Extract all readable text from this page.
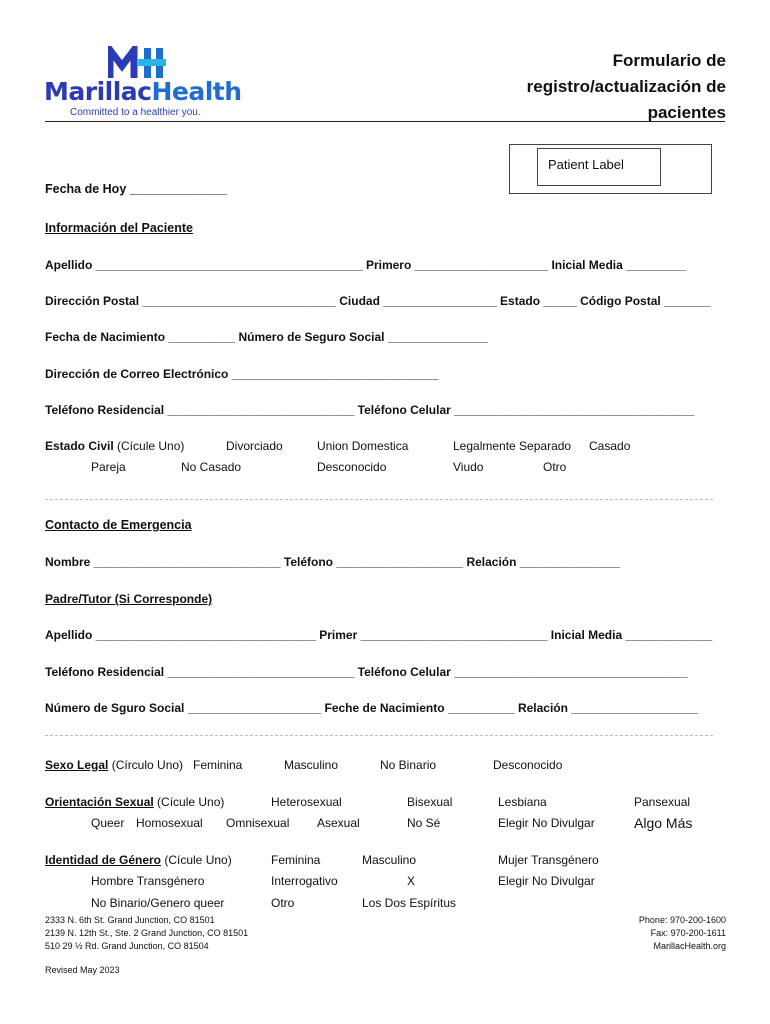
MarillacHealth
Committed to a healthier you.
Formulario de
registro/actualización de
pacientes
Patient Label
Fecha de Hoy ______________
Información del Paciente
Apellido ________________________________________ Primero ____________________ Inicial Media _________
Dirección Postal _____________________________ Ciudad _________________ Estado _____ Código Postal _______
Fecha de Nacimiento __________ Número de Seguro Social _______________
Dirección de Correo Electrónico _______________________________
Teléfono Residencial ____________________________ Teléfono Celular ____________________________________
Estado Civil (Cícule Uno)	Divorciado	Union Domestica	Legalmente Separado Casado
Pareja	No Casado	Desconocido	Viudo	Otro
Contacto de Emergencia
Nombre ____________________________ Teléfono ___________________ Relación _______________
Padre/Tutor (Si Corresponde)
Apellido _________________________________ Primer ____________________________ Inicial Media _____________
Teléfono Residencial ____________________________ Teléfono Celular ___________________________________
Número de Sguro Social ____________________ Feche de Nacimiento __________ Relación ___________________
Sexo Legal (Círculo Uno) Feminina	Masculino	No Binario	Desconocido
Orientación Sexual (Cícule Uno)	Heterosexual	Bisexual	Lesbiana	Pansexual
Queer Homosexual Omnisexual Asexual	No Sé	Elegir No Divulgar	Algo Más
Identidad de Género (Cícule Uno)	Feminina	Masculino	Mujer Transgénero
Hombre Transgénero	Interrogativo	X	Elegir No Divulgar
No Binario/Genero queer	Otro	Los Dos Espíritus
2333 N. 6th St. Grand Junction, CO 81501
2139 N. 12th St., Ste. 2 Grand Junction, CO 81501
510 29 ½ Rd. Grand Junction, CO 81504
Phone: 970-200-1600
Fax: 970-200-1611
MarillacHealth.org
Revised May 2023
